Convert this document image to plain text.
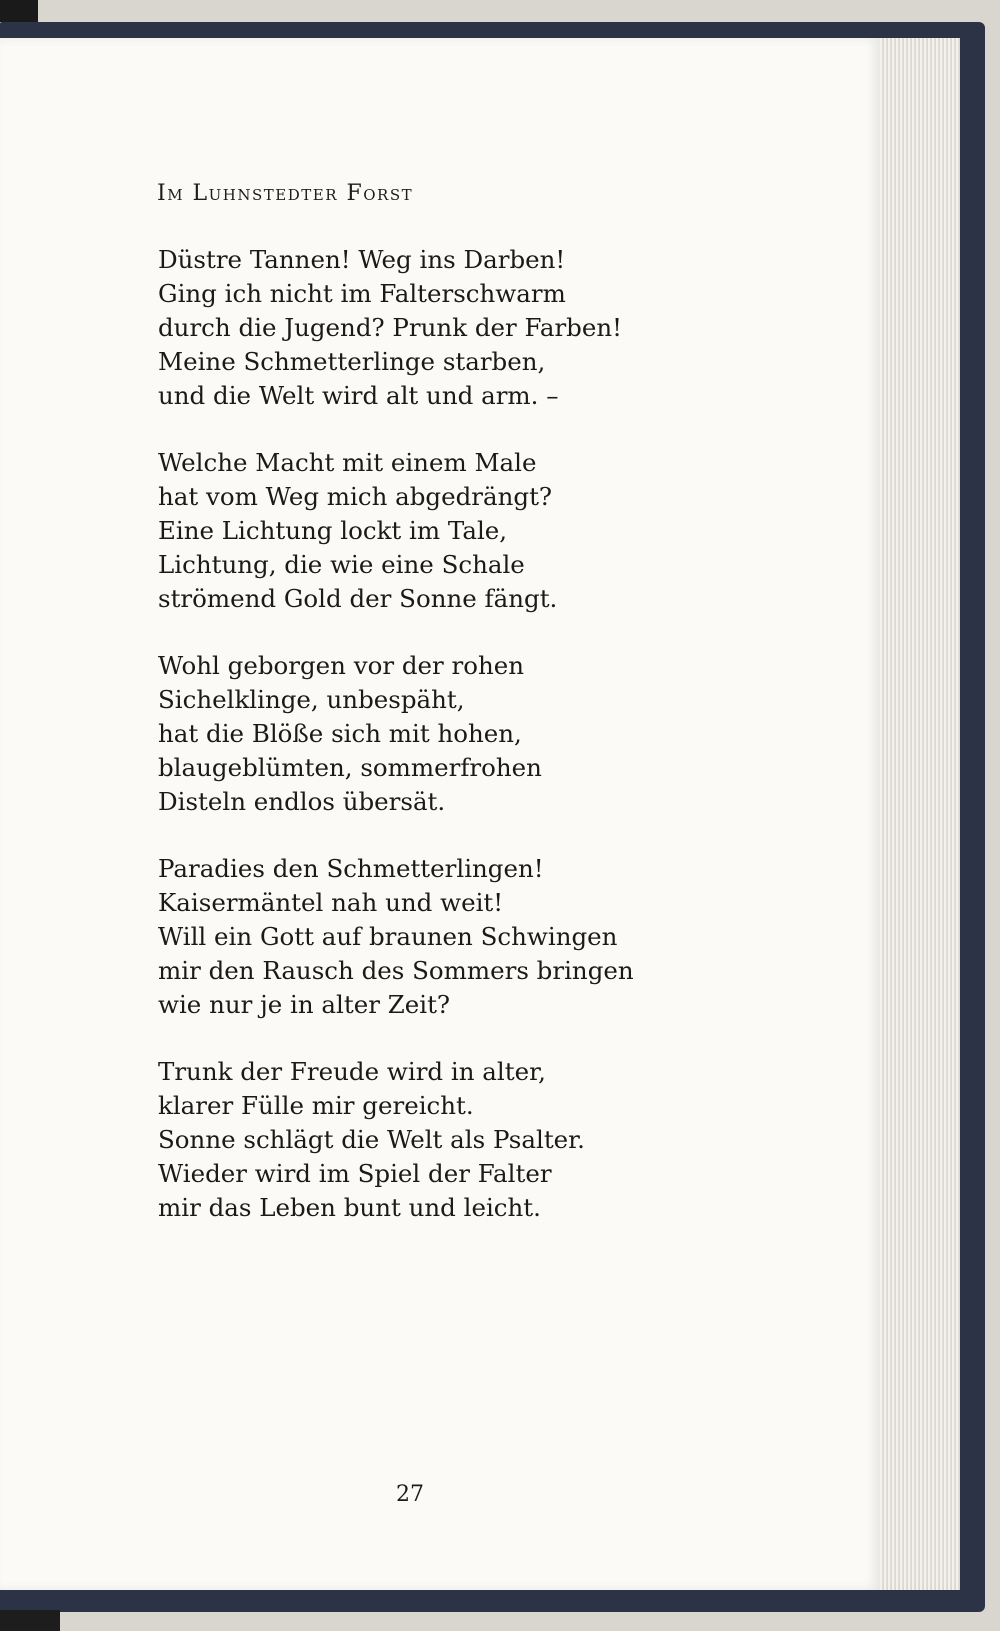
Im Luhnstedter Forst
Düstre Tannen! Weg ins Darben!
Ging ich nicht im Falterschwarm
durch die Jugend? Prunk der Farben!
Meine Schmetterlinge starben,
und die Welt wird alt und arm. –
Welche Macht mit einem Male
hat vom Weg mich abgedrängt?
Eine Lichtung lockt im Tale,
Lichtung, die wie eine Schale
strömend Gold der Sonne fängt.
Wohl geborgen vor der rohen
Sichelklinge, unbespäht,
hat die Blöße sich mit hohen,
blaugeblümten, sommerfrohen
Disteln endlos übersät.
Paradies den Schmetterlingen!
Kaisermäntel nah und weit!
Will ein Gott auf braunen Schwingen
mir den Rausch des Sommers bringen
wie nur je in alter Zeit?
Trunk der Freude wird in alter,
klarer Fülle mir gereicht.
Sonne schlägt die Welt als Psalter.
Wieder wird im Spiel der Falter
mir das Leben bunt und leicht.
27
